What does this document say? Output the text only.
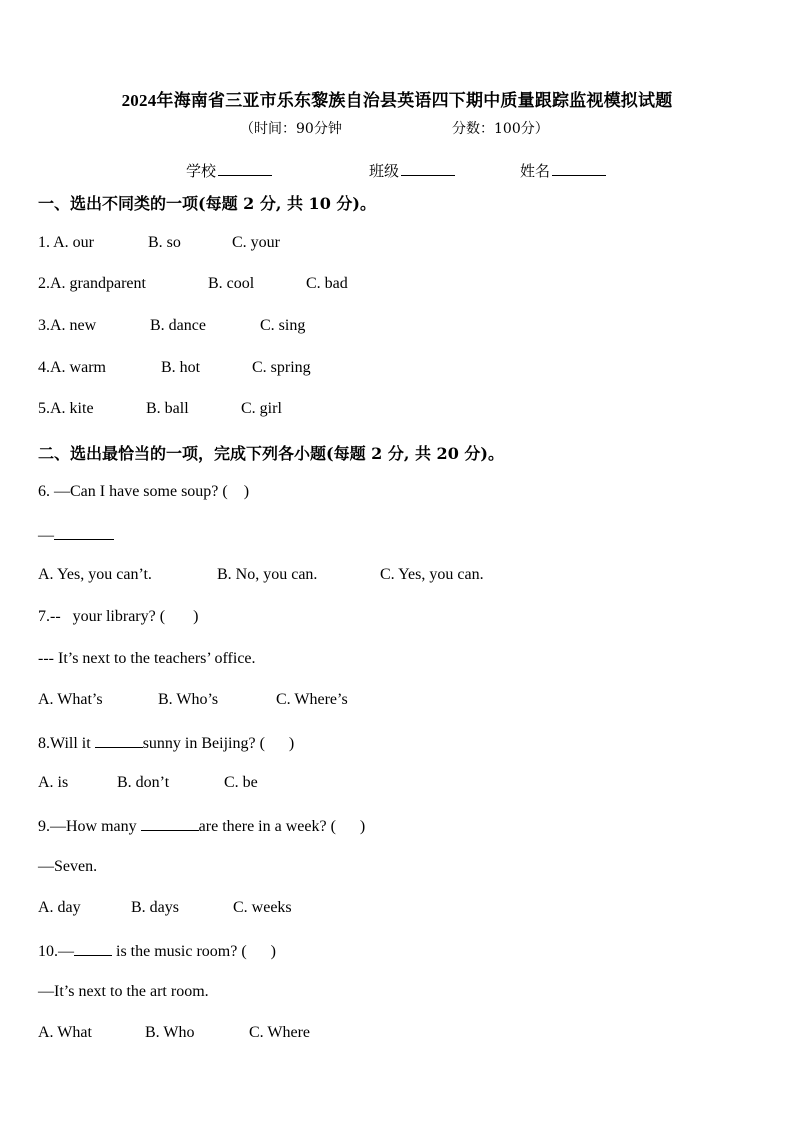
2024年海南省三亚市乐东黎族自治县英语四下期中质量跟踪监视模拟试题
（时间：90分钟	分数：100分）
学校	班级	姓名
一、选出不同类的一项(每题 2 分, 共 10 分)。
1. A. our	B. so	C. your
2.A. grandparent	B. cool	C. bad
3.A. new	B. dance	C. sing
4.A. warm	B. hot	C. spring
5.A. kite	B. ball	C. girl
二、选出最恰当的一项，完成下列各小题(每题 2 分, 共 20 分)。
6. —Can I have some soup? (    )
—
A. Yes, you can’t.	B. No, you can.	C. Yes, you can.
7.--   your library? (       )
--- It’s next to the teachers’ office.
A. What’s	B. Who’s	C. Where’s
8.Will it	sunny in Beijing? (      )
A. is	B. don’t	C. be
9.—How many	are there in a week? (      )
—Seven.
A. day	B. days	C. weeks
10.— is the music room? (      )
—It’s next to the art room.
A. What	B. Who	C. Where
